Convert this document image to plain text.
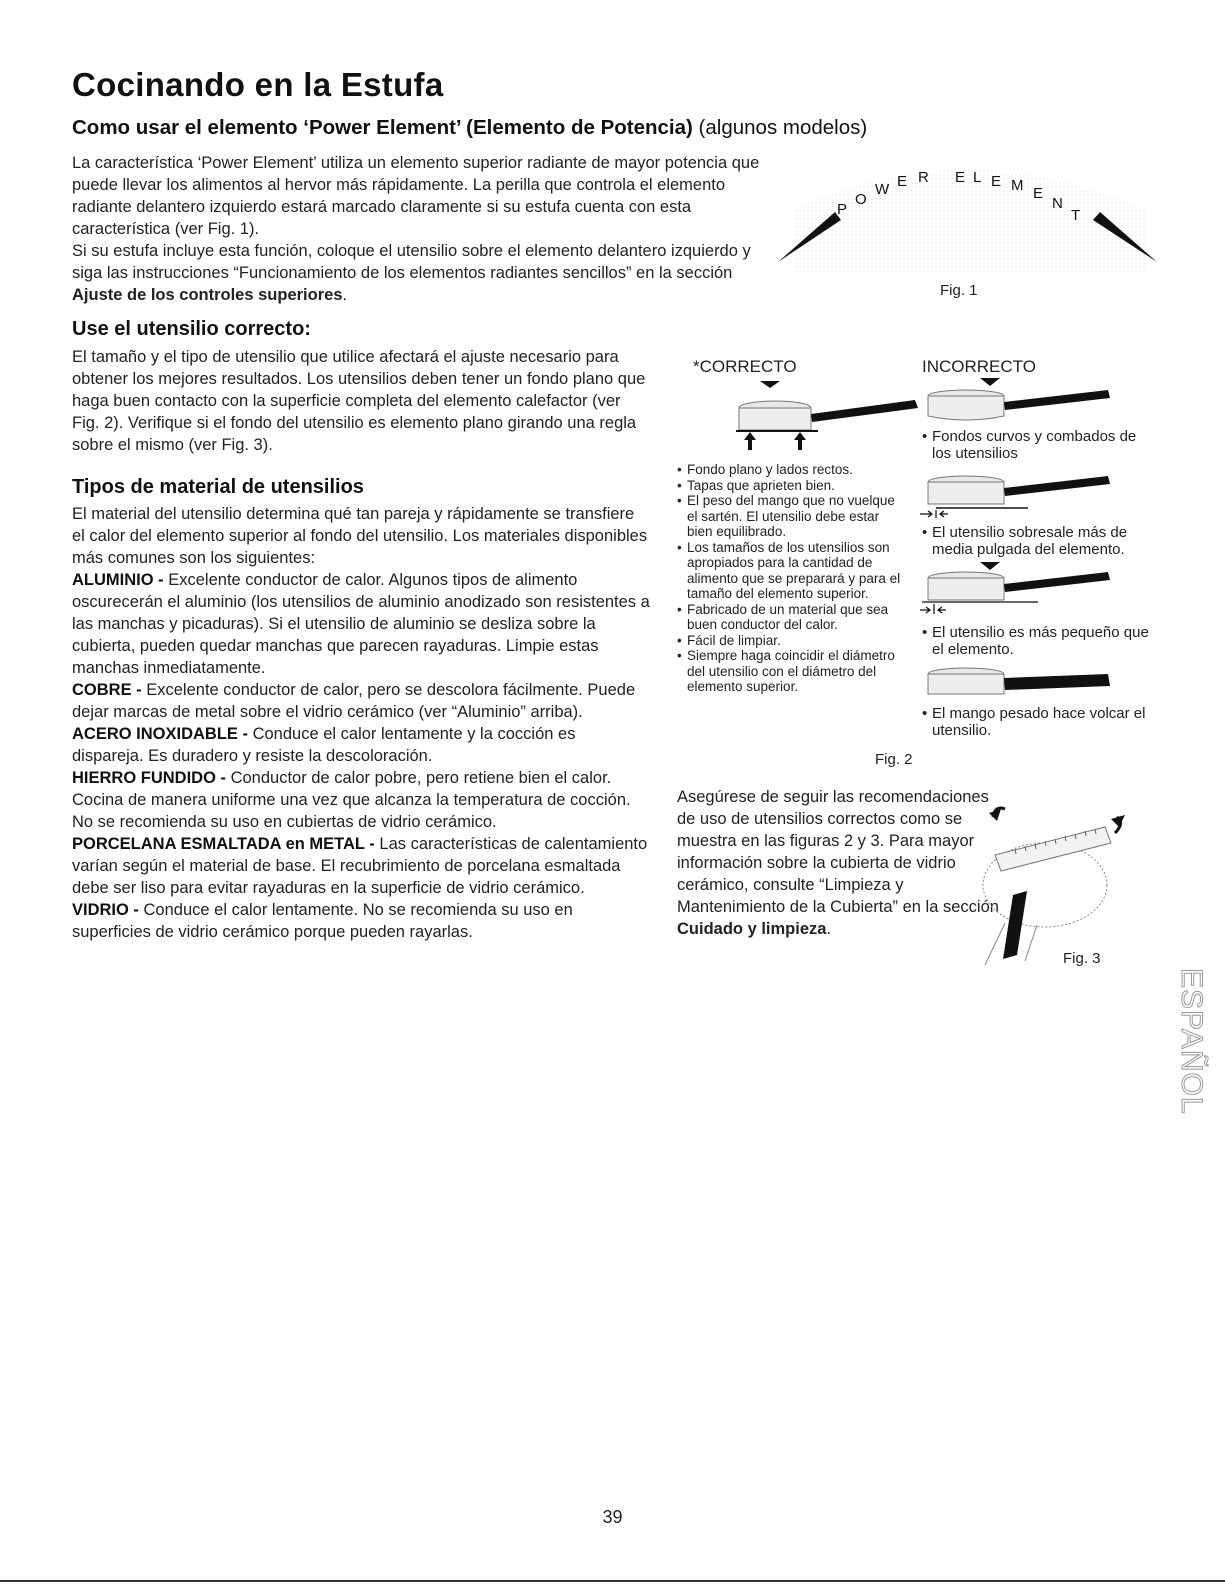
Cocinando en la Estufa
Como usar el elemento ‘Power Element’ (Elemento de Potencia) (algunos modelos)

La característica ‘Power Element’ utiliza un elemento superior radiante de mayor potencia que puede llevar los alimentos al hervor más rápidamente. La perilla que controla el elemento radiante delantero izquierdo estará marcado claramente si su estufa cuenta con esta característica (ver Fig. 1).

Si su estufa incluye esta función, coloque el utensilio sobre el elemento delantero izquierdo y siga las instrucciones “Funcionamiento de los elementos radiantes sencillos” en la sección Ajuste de los controles superiores.

POW E R E L E M ENT
Fig. 1
Use el utensilio correcto:
El tamaño y el tipo de utensilio que utilice afectará el ajuste necesario para obtener los mejores resultados. Los utensilios deben tener un fondo plano que haga buen contacto con la superficie completa del elemento calefactor (ver Fig. 2). Verifique si el fondo del utensilio es elemento plano girando una regla sobre el mismo (ver Fig. 3).
Tipos de material de utensilios

El material del utensilio determina qué tan pareja y rápidamente se transfiere el calor del elemento superior al fondo del utensilio. Los materiales disponibles más comunes son los siguientes:

ALUMINIO - Excelente conductor de calor. Algunos tipos de alimento oscurecerán el aluminio (los utensilios de aluminio anodizado son resistentes a las manchas y picaduras). Si el utensilio de aluminio se desliza sobre la cubierta, pueden quedar manchas que parecen rayaduras. Limpie estas manchas inmediatamente.

COBRE - Excelente conductor de calor, pero se descolora fácilmente. Puede dejar marcas de metal sobre el vidrio cerámico (ver “Aluminio” arriba).

ACERO INOXIDABLE - Conduce el calor lentamente y la cocción es dispareja. Es duradero y resiste la descoloración.

HIERRO FUNDIDO - Conductor de calor pobre, pero retiene bien el calor. Cocina de manera uniforme una vez que alcanza la temperatura de cocción. No se recomienda su uso en cubiertas de vidrio cerámico.

PORCELANA ESMALTADA en METAL - Las características de calentamiento varían según el material de base. El recubrimiento de porcelana esmaltada debe ser liso para evitar rayaduras en la superficie de vidrio cerámico.

VIDRIO - Conduce el calor lentamente. No se recomienda su uso en superficies de vidrio cerámico porque pueden rayarlas.

*CORRECTO
• Fondo plano y lados rectos.
• Tapas que aprieten bien.
• El peso del mango que no vuelque el sartén. El utensilio debe estar bien equilibrado.
• Los tamaños de los utensilios son apropiados para la cantidad de alimento que se preparará y para el tamaño del elemento superior.
• Fabricado de un material que sea buen conductor del calor.
• Fácil de limpiar.
• Siempre haga coincidir el diámetro del utensilio con el diámetro del elemento superior.
Fig. 2
INCORRECTO
• Fondos curvos y combados de los utensilios
• El utensilio sobresale más de media pulgada del elemento.
• El utensilio es más pequeño que el elemento.
• El mango pesado hace volcar el utensilio.
Asegúrese de seguir las recomendaciones de uso de utensilios correctos como se muestra en las figuras 2 y 3. Para mayor información sobre la cubierta de vidrio cerámico, consulte “Limpieza y Mantenimiento de la Cubierta” en la sección Cuidado y limpieza.
Fig. 3
ESPAÑOL
39
